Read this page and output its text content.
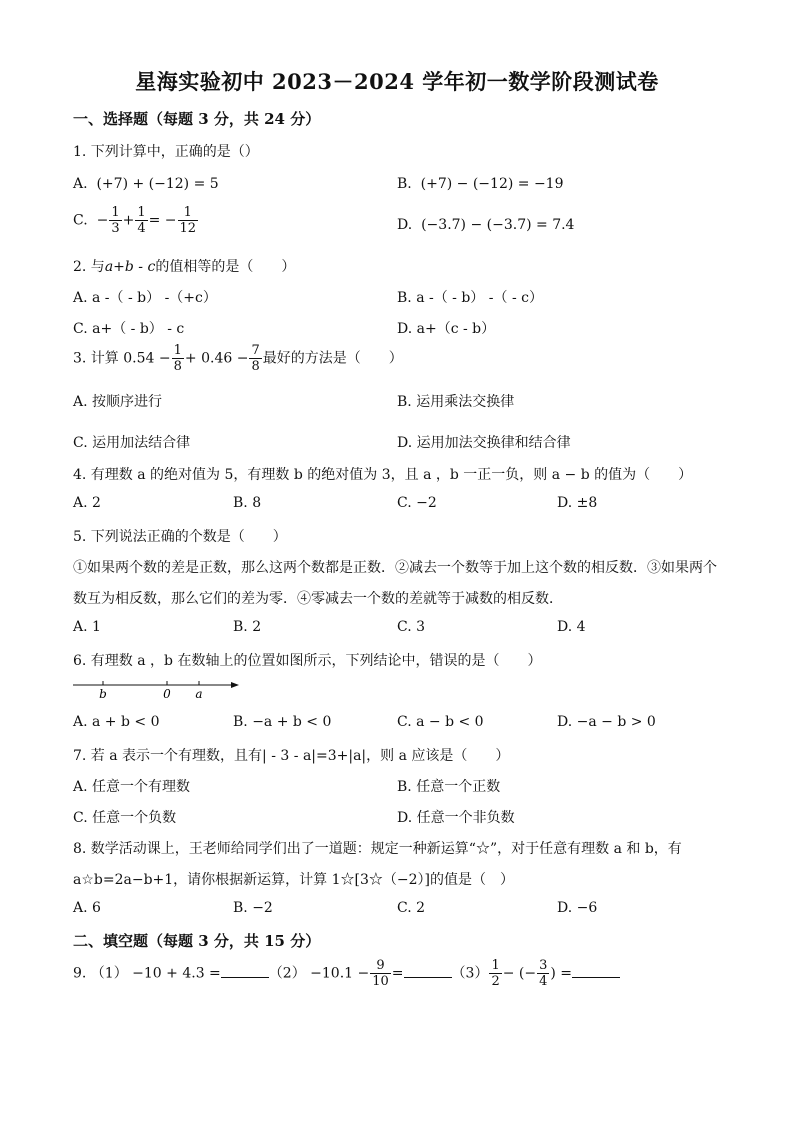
星海实验初中 2023－2024 学年初一数学阶段测试卷
一、选择题（每题 3 分，共 24 分）
1. 下列计算中，正确的是（）
A. (+7) + (−12) = 5	B. (+7) − (−12) = −19
C. − $\frac{1}{3} + \frac{1}{4}$ = − $\frac{1}{12}$	D. (−3.7) − (−3.7) = 7.4
2. 与a+b - c的值相等的是（　　）
A. a -（ - b） -（+c）	B. a -（ - b） -（ - c）
C. a+（ - b） - c	D. a+（c - b）
3. 计算 $0.54 - \frac{1}{8} + 0.46 - \frac{7}{8}$ 最好的方法是（　　）
A. 按顺序进行	B. 运用乘法交换律
C. 运用加法结合律	D. 运用加法交换律和结合律
4. 有理数 a 的绝对值为 5，有理数 b 的绝对值为 3，且 a ，b 一正一负，则 a − b 的值为（　　）
A. 2	B. 8	C. −2	D. ±8
5. 下列说法正确的个数是（　　）
①如果两个数的差是正数，那么这两个数都是正数．②减去一个数等于加上这个数的相反数．③如果两个
数互为相反数，那么它们的差为零．④零减去一个数的差就等于减数的相反数．
A. 1	B. 2	C. 3	D. 4
6. 有理数 a ，b 在数轴上的位置如图所示，下列结论中，错误的是（　　）
b	0 a
A. a + b < 0	B. −a + b < 0	C. a − b < 0	D. −a − b > 0
7. 若 a 表示一个有理数，且有| - 3 - a|=3+|a|，则 a 应该是（　　）
A. 任意一个有理数	B. 任意一个正数
C. 任意一个负数	D. 任意一个非负数
8. 数学活动课上，王老师给同学们出了一道题：规定一种新运算“☆”，对于任意有理数 a 和 b，有
a☆b=2a−b+1，请你根据新运算，计算 1☆[3☆（−2）]的值是（　）
A. 6	B. −2	C. 2	D. −6
二、填空题（每题 3 分，共 15 分）
9. （1） −10 + 4.3 =	$(2) -10.1 - \frac{9}{10}$ =	$(3) \frac{1}{2}$ − (− $\frac{3}{4}$ ) =
